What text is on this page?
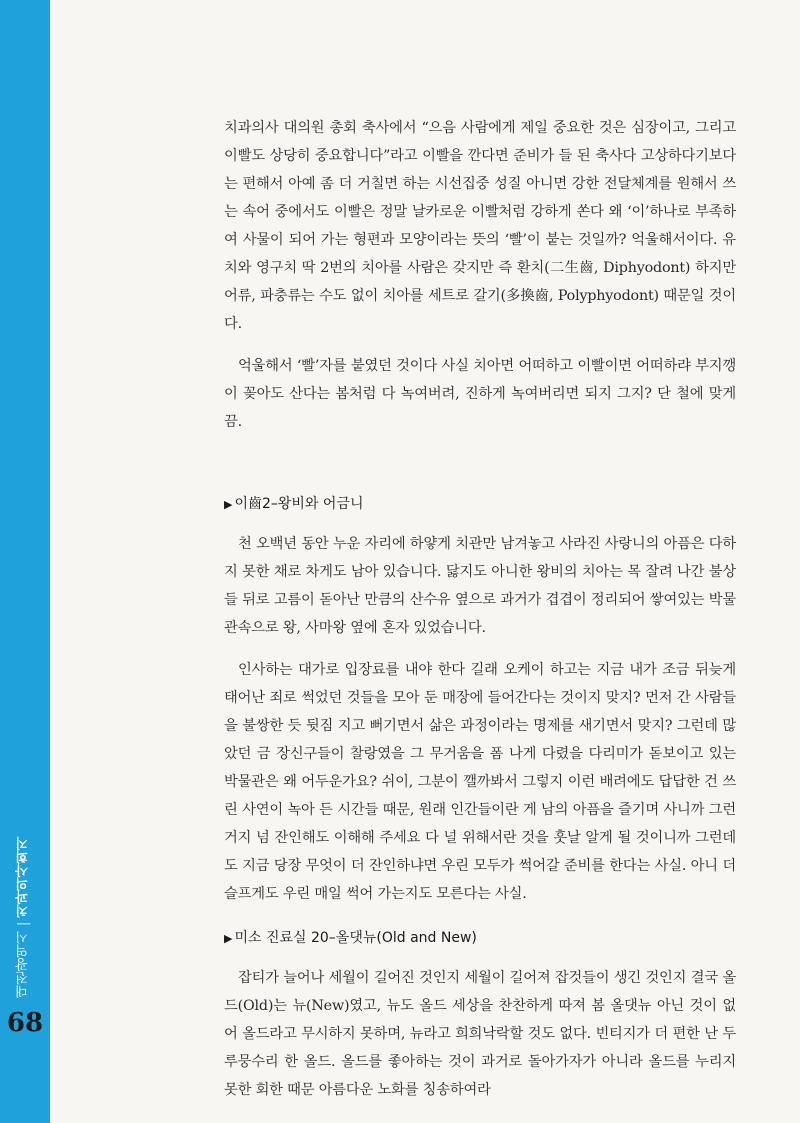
대전광역시|치과의사회지
68

치과의사 대의원 총회 축사에서 “으음 사람에게 제일 중요한 것은 심장이고, 그리고 이빨도 상당히 중요합니다”라고 이빨을 깐다면 준비가 들 된 축사다 고상하다기보다는 편해서 아예 좀 더 거칠면 하는 시선집중 성질 아니면 강한 전달체계를 원해서 쓰는 속어 중에서도 이빨은 정말 날카로운 이빨처럼 강하게 쏜다 왜 ‘이’하나로 부족하여 사물이 되어 가는 형편과 모양이라는 뜻의 ‘빨’이 붙는 것일까? 억울해서이다. 유치와 영구치 딱 2번의 치아를 사람은 갖지만 즉 환치(二生齒, Diphyodont) 하지만 어류, 파충류는 수도 없이 치아를 세트로 갈기(多換齒, Polyphyodont) 때문일 것이다.

억울해서 ‘빨’자를 붙였던 것이다 사실 치아면 어떠하고 이빨이면 어떠하랴 부지깽이 꽂아도 산다는 봄처럼 다 녹여버려, 진하게 녹여버리면 되지 그지? 단 철에 맞게끔.

▶ 이齒2–왕비와 어금니

천 오백년 동안 누운 자리에 하얗게 치관만 남겨놓고 사라진 사랑니의 아픔은 다하지 못한 채로 차게도 남아 있습니다. 닳지도 아니한 왕비의 치아는 목 잘려 나간 불상들 뒤로 고름이 돋아난 만큼의 산수유 옆으로 과거가 겹겹이 정리되어 쌓여있는 박물관속으로 왕, 사마왕 옆에 혼자 있었습니다.

인사하는 대가로 입장료를 내야 한다 길래 오케이 하고는 지금 내가 조금 뒤늦게 태어난 죄로 썩었던 것들을 모아 둔 매장에 들어간다는 것이지 맞지? 먼저 간 사람들을 불쌍한 듯 뒷짐 지고 뻐기면서 삶은 과정이라는 명제를 새기면서 맞지? 그런데 많았던 금 장신구들이 찰랑였을 그 무거움을 폼 나게 다렸을 다리미가 돋보이고 있는 박물관은 왜 어두운가요? 쉬이, 그분이 깰까봐서 그렇지 이런 배려에도 답답한 건 쓰린 사연이 녹아 든 시간들 때문, 원래 인간들이란 게 남의 아픔을 즐기며 사니까 그런 거지 넘 잔인해도 이해해 주세요 다 널 위해서란 것을 훗날 알게 될 것이니까 그런데도 지금 당장 무엇이 더 잔인하냐면 우린 모두가 썩어갈 준비를 한다는 사실. 아니 더 슬프게도 우린 매일 썩어 가는지도 모른다는 사실.

▶ 미소 진료실 20–올댓뉴(Old and New)

잡티가 늘어나 세월이 길어진 것인지 세월이 길어져 잡것들이 생긴 것인지 결국 올드(Old)는 뉴(New)였고, 뉴도 올드 세상을 찬찬하게 따져 봄 올댓뉴 아닌 것이 없어 올드라고 무시하지 못하며, 뉴라고 희희낙락할 것도 없다. 빈티지가 더 편한 난 두루뭉수리 한 올드. 올드를 좋아하는 것이 과거로 돌아가자가 아니라 올드를 누리지 못한 회한 때문 아름다운 노화를 칭송하여라
